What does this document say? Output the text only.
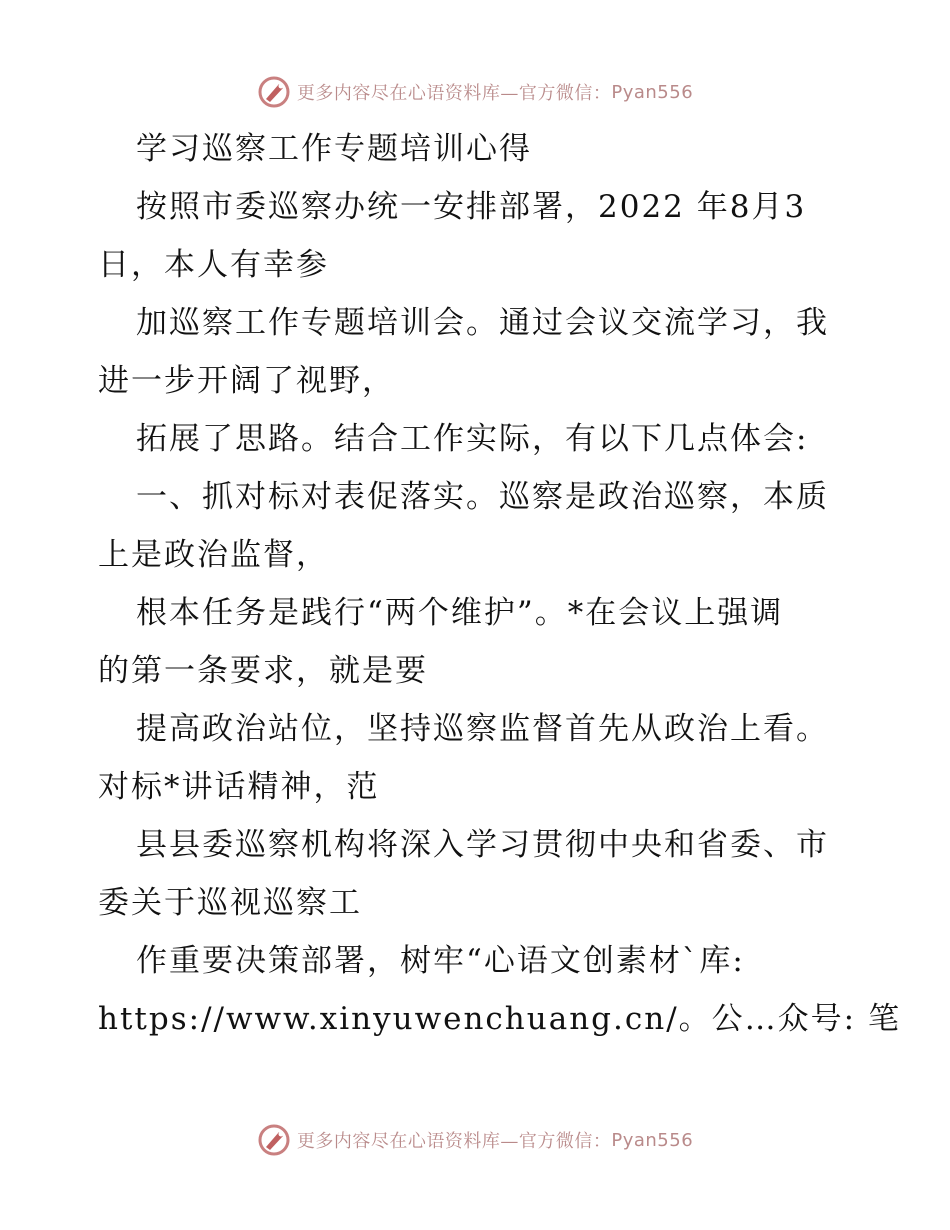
更多内容尽在心语资料库—官方微信： Pyan556

学习巡察工作专题培训心得

按照市委巡察办统一安排部署，2022 年8月3

日，本人有幸参

加巡察工作专题培训会。通过会议交流学习，我

进一步开阔了视野，

拓展了思路。结合工作实际，有以下几点体会:

一、抓对标对表促落实。巡察是政治巡察，本质

上是政治监督，

根本任务是践行“两个维护”。*在会议上强调

的第一条要求，就是要

提高政治站位，坚持巡察监督首先从政治上看。

对标*讲话精神，范

县县委巡察机构将深入学习贯彻中央和省委、市

委关于巡视巡察工

作重要决策部署，树牢“心语文创素材`库:

https://www.xinyuwenchuang.cn/。公…众号: 笔

更多内容尽在心语资料库—官方微信： Pyan556
